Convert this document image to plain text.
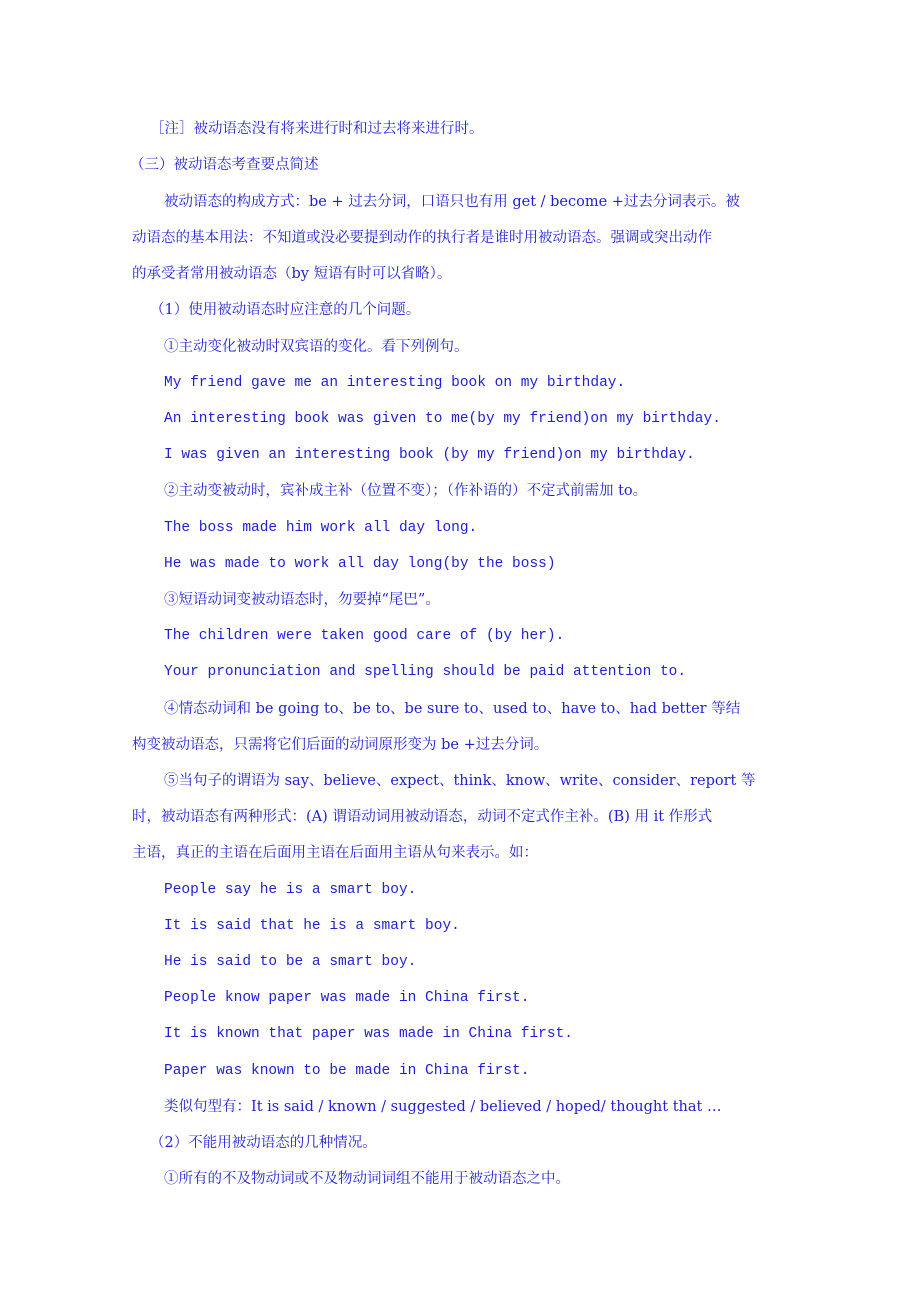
［注］被动语态没有将来进行时和过去将来进行时。
（三）被动语态考查要点简述
被动语态的构成方式：be + 过去分词，口语只也有用 get / become +过去分词表示。被
动语态的基本用法：不知道或没必要提到动作的执行者是谁时用被动语态。强调或突出动作
的承受者常用被动语态（by 短语有时可以省略）。
（1）使用被动语态时应注意的几个问题。
①主动变化被动时双宾语的变化。看下列例句。
My friend gave me an interesting book on my birthday.
An interesting book was given to me(by my friend)on my birthday.
I was given an interesting book (by my friend)on my birthday.
②主动变被动时，宾补成主补（位置不变）；（作补语的）不定式前需加 to。
The boss made him work all day long.
He was made to work all day long(by the boss)
③短语动词变被动语态时，勿要掉“尾巴”。
The children were taken good care of (by her).
Your pronunciation and spelling should be paid attention to.
④情态动词和 be going to、be to、be sure to、used to、have to、had better 等结
构变被动语态，只需将它们后面的动词原形变为 be +过去分词。
⑤当句子的谓语为 say、believe、expect、think、know、write、consider、report 等
时，被动语态有两种形式：(A) 谓语动词用被动语态，动词不定式作主补。(B) 用 it 作形式
主语，真正的主语在后面用主语在后面用主语从句来表示。如：
People say he is a smart boy.
It is said that he is a smart boy.
He is said to be a smart boy.
People know paper was made in China first.
It is known that paper was made in China first.
Paper was known to be made in China first.
类似句型有：It is said / known / suggested / believed / hoped/ thought that …
（2）不能用被动语态的几种情况。
①所有的不及物动词或不及物动词词组不能用于被动语态之中。
